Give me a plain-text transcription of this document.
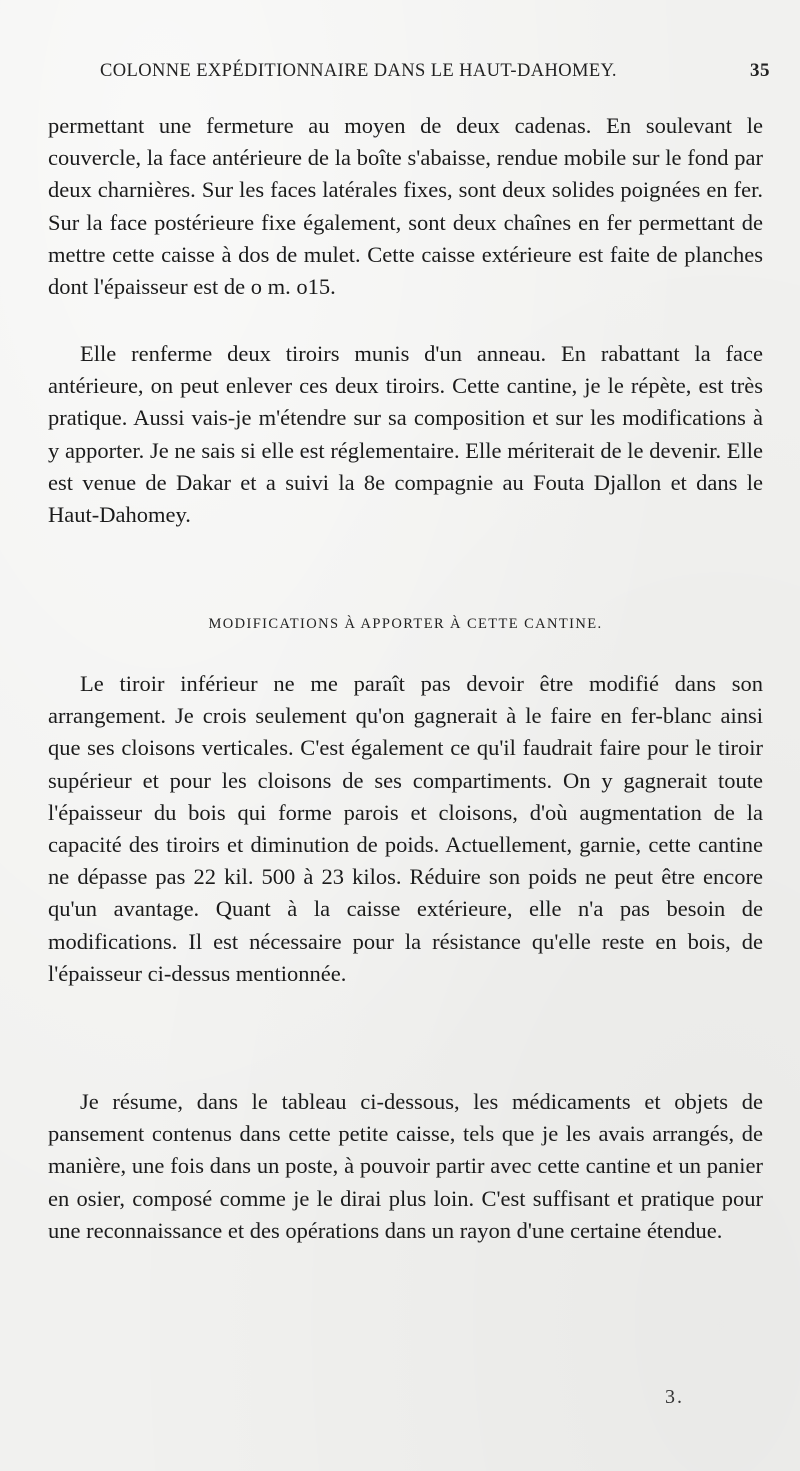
COLONNE EXPÉDITIONNAIRE DANS LE HAUT-DAHOMEY.	35
permettant une fermeture au moyen de deux cadenas. En soulevant le couvercle, la face antérieure de la boîte s'abaisse, rendue mobile sur le fond par deux charnières. Sur les faces latérales fixes, sont deux solides poignées en fer. Sur la face postérieure fixe également, sont deux chaînes en fer permettant de mettre cette caisse à dos de mulet. Cette caisse extérieure est faite de planches dont l'épaisseur est de o m. o15.
Elle renferme deux tiroirs munis d'un anneau. En rabattant la face antérieure, on peut enlever ces deux tiroirs. Cette cantine, je le répète, est très pratique. Aussi vais-je m'étendre sur sa composition et sur les modifications à y apporter. Je ne sais si elle est réglementaire. Elle mériterait de le devenir. Elle est venue de Dakar et a suivi la 8e compagnie au Fouta Djallon et dans le Haut-Dahomey.
MODIFICATIONS À APPORTER À CETTE CANTINE.
Le tiroir inférieur ne me paraît pas devoir être modifié dans son arrangement. Je crois seulement qu'on gagnerait à le faire en fer-blanc ainsi que ses cloisons verticales. C'est également ce qu'il faudrait faire pour le tiroir supérieur et pour les cloisons de ses compartiments. On y gagnerait toute l'épaisseur du bois qui forme parois et cloisons, d'où augmentation de la capacité des tiroirs et diminution de poids. Actuellement, garnie, cette cantine ne dépasse pas 22 kil. 500 à 23 kilos. Réduire son poids ne peut être encore qu'un avantage. Quant à la caisse extérieure, elle n'a pas besoin de modifications. Il est nécessaire pour la résistance qu'elle reste en bois, de l'épaisseur ci-dessus mentionnée.
Je résume, dans le tableau ci-dessous, les médicaments et objets de pansement contenus dans cette petite caisse, tels que je les avais arrangés, de manière, une fois dans un poste, à pouvoir partir avec cette cantine et un panier en osier, composé comme je le dirai plus loin. C'est suffisant et pratique pour une reconnaissance et des opérations dans un rayon d'une certaine étendue.
3.
